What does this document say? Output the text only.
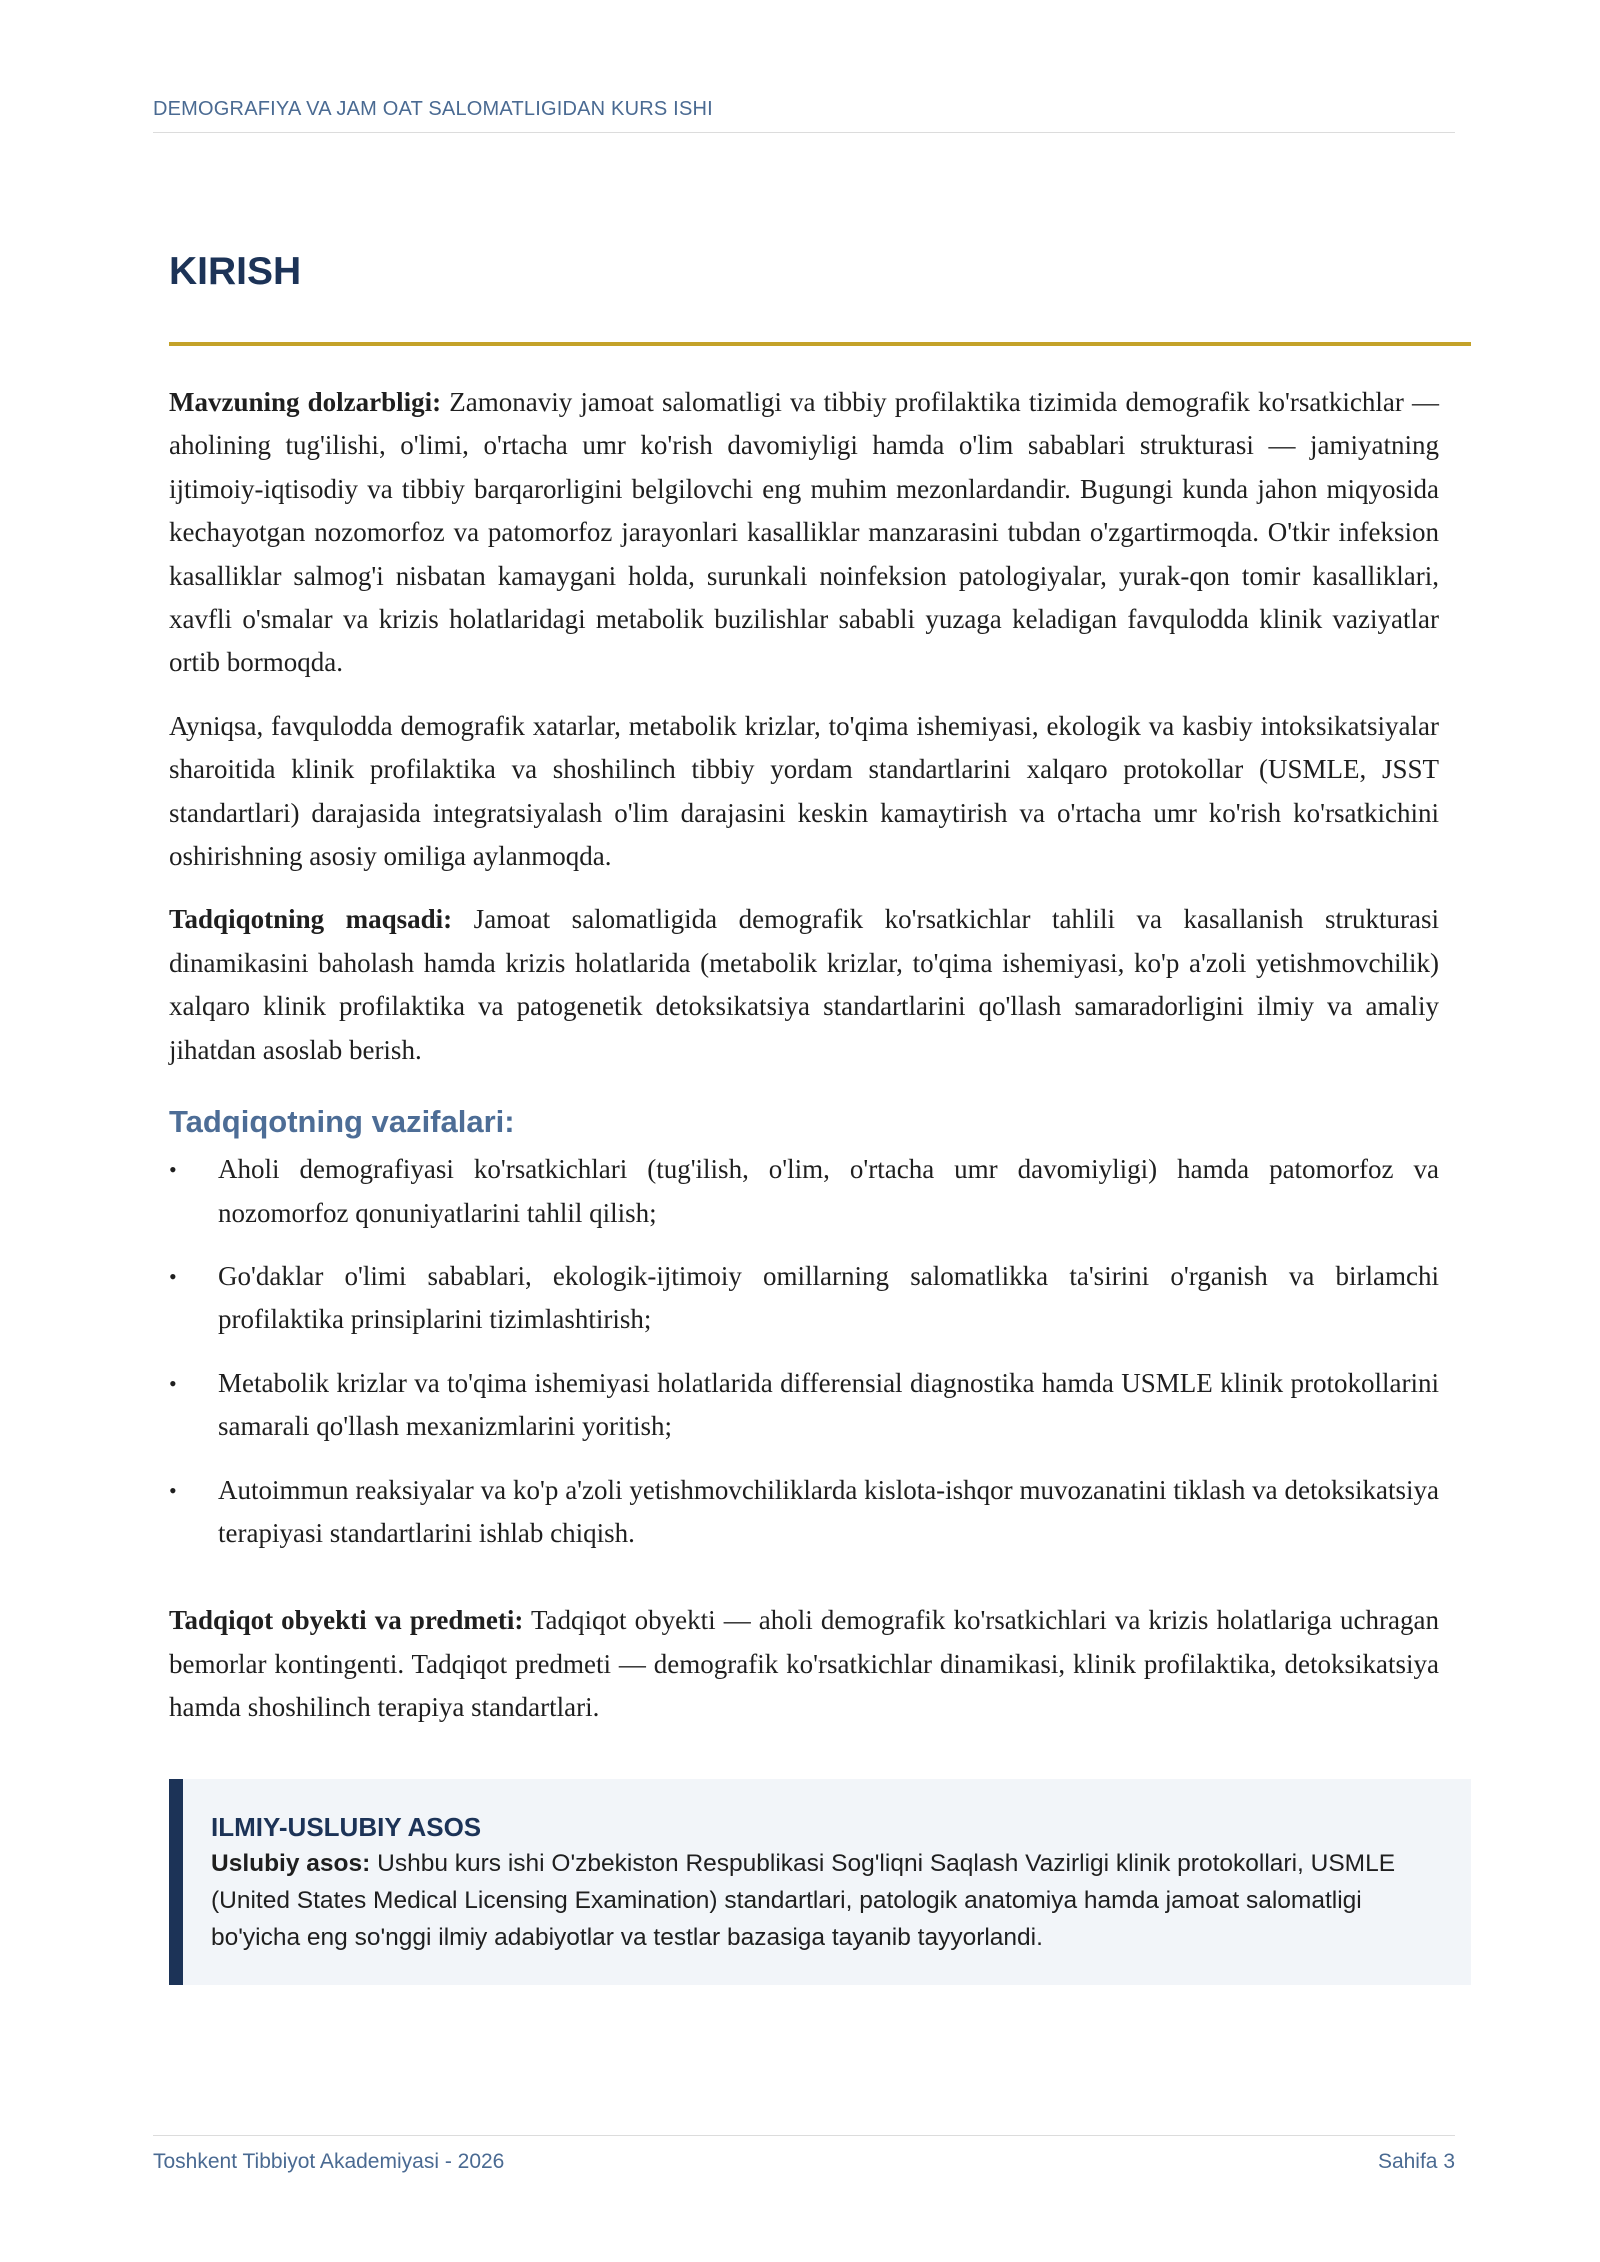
DEMOGRAFIYA VA JAM OAT SALOMATLIGIDAN KURS ISHI
KIRISH

Mavzuning dolzarbligi: Zamonaviy jamoat salomatligi va tibbiy profilaktika tizimida demografik ko'rsatkichlar — aholining tug'ilishi, o'limi, o'rtacha umr ko'rish davomiyligi hamda o'lim sabablari strukturasi — jamiyatning ijtimoiy-iqtisodiy va tibbiy barqarorligini belgilovchi eng muhim mezonlardandir. Bugungi kunda jahon miqyosida kechayotgan nozomorfoz va patomorfoz jarayonlari kasalliklar manzarasini tubdan o'zgartirmoqda. O'tkir infeksion kasalliklar salmog'i nisbatan kamaygani holda, surunkali noinfeksion patologiyalar, yurak-qon tomir kasalliklari, xavfli o'smalar va krizis holatlaridagi metabolik buzilishlar sababli yuzaga keladigan favqulodda klinik vaziyatlar ortib bormoqda.

Ayniqsa, favqulodda demografik xatarlar, metabolik krizlar, to'qima ishemiyasi, ekologik va kasbiy intoksikatsiyalar sharoitida klinik profilaktika va shoshilinch tibbiy yordam standartlarini xalqaro protokollar (USMLE, JSST standartlari) darajasida integratsiyalash o'lim darajasini keskin kamaytirish va o'rtacha umr ko'rish ko'rsatkichini oshirishning asosiy omiliga aylanmoqda.

Tadqiqotning maqsadi: Jamoat salomatligida demografik ko'rsatkichlar tahlili va kasallanish strukturasi dinamikasini baholash hamda krizis holatlarida (metabolik krizlar, to'qima ishemiyasi, ko'p a'zoli yetishmovchilik) xalqaro klinik profilaktika va patogenetik detoksikatsiya standartlarini qo'llash samaradorligini ilmiy va amaliy jihatdan asoslab berish.

Tadqiqotning vazifalari:
• Aholi demografiyasi ko'rsatkichlari (tug'ilish, o'lim, o'rtacha umr davomiyligi) hamda patomorfoz va nozomorfoz qonuniyatlarini tahlil qilish;
• Go'daklar o'limi sabablari, ekologik-ijtimoiy omillarning salomatlikka ta'sirini o'rganish va birlamchi profilaktika prinsiplarini tizimlashtirish;
• Metabolik krizlar va to'qima ishemiyasi holatlarida differensial diagnostika hamda USMLE klinik protokollarini samarali qo'llash mexanizmlarini yoritish;
• Autoimmun reaksiyalar va ko'p a'zoli yetishmovchiliklarda kislota-ishqor muvozanatini tiklash va detoksikatsiya terapiyasi standartlarini ishlab chiqish.

Tadqiqot obyekti va predmeti: Tadqiqot obyekti — aholi demografik ko'rsatkichlari va krizis holatlariga uchragan bemorlar kontingenti. Tadqiqot predmeti — demografik ko'rsatkichlar dinamikasi, klinik profilaktika, detoksikatsiya hamda shoshilinch terapiya standartlari.

ILMIY-USLUBIY ASOS
Uslubiy asos: Ushbu kurs ishi O'zbekiston Respublikasi Sog'liqni Saqlash Vazirligi klinik protokollari, USMLE (United States Medical Licensing Examination) standartlari, patologik anatomiya hamda jamoat salomatligi bo'yicha eng so'nggi ilmiy adabiyotlar va testlar bazasiga tayanib tayyorlandi.
Toshkent Tibbiyot Akademiyasi - 2026	Sahifa 3
